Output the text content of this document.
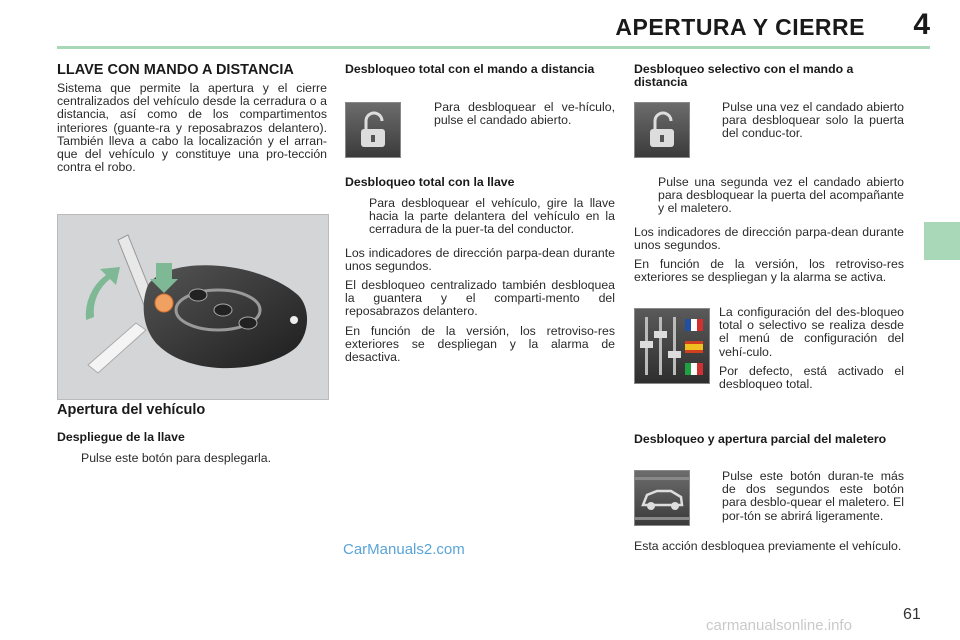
APERTURA Y CIERRE 4
LLAVE CON MANDO A DISTANCIA

Sistema que permite la apertura y el cierre centralizados del vehículo desde la cerradura o a distancia, así como de los compartimentos interiores (guante-ra y reposabrazos delantero). También lleva a cabo la localización y el arran-que del vehículo y constituye una pro-tección contra el robo.

Apertura del vehículo
Despliegue de la llave
Pulse este botón para desplegarla.
Desbloqueo total con el mando a distancia
Para desbloquear el ve-hículo, pulse el candado abierto.
Desbloqueo total con la llave
Para desbloquear el vehículo, gire la llave hacia la parte delantera del vehículo en la cerradura de la puer-ta del conductor.

Los indicadores de dirección parpa-dean durante unos segundos.

El desbloqueo centralizado también desbloquea la guantera y el comparti-mento del reposabrazos delantero.

En función de la versión, los retroviso-res exteriores se despliegan y la alarma de desactiva.

Desbloqueo selectivo con el mando a distancia
Pulse una vez el candado abierto para desbloquear solo la puerta del conduc-tor.
Pulse una segunda vez el candado abierto para desbloquear la puerta del acompañante y el maletero.

Los indicadores de dirección parpa-dean durante unos segundos.

En función de la versión, los retroviso-res exteriores se despliegan y la alarma se activa.

La configuración del des-bloqueo total o selectivo se realiza desde el menú de configuración del vehí-culo.

Por defecto, está activado el desbloqueo total.

Desbloqueo y apertura parcial del maletero
Pulse este botón duran-te más de dos segundos este botón para desblo-quear el maletero. El por-tón se abrirá ligeramente.

Esta acción desbloquea previamente el vehículo.

CarManuals2.com
61
carmanualsonline.info
